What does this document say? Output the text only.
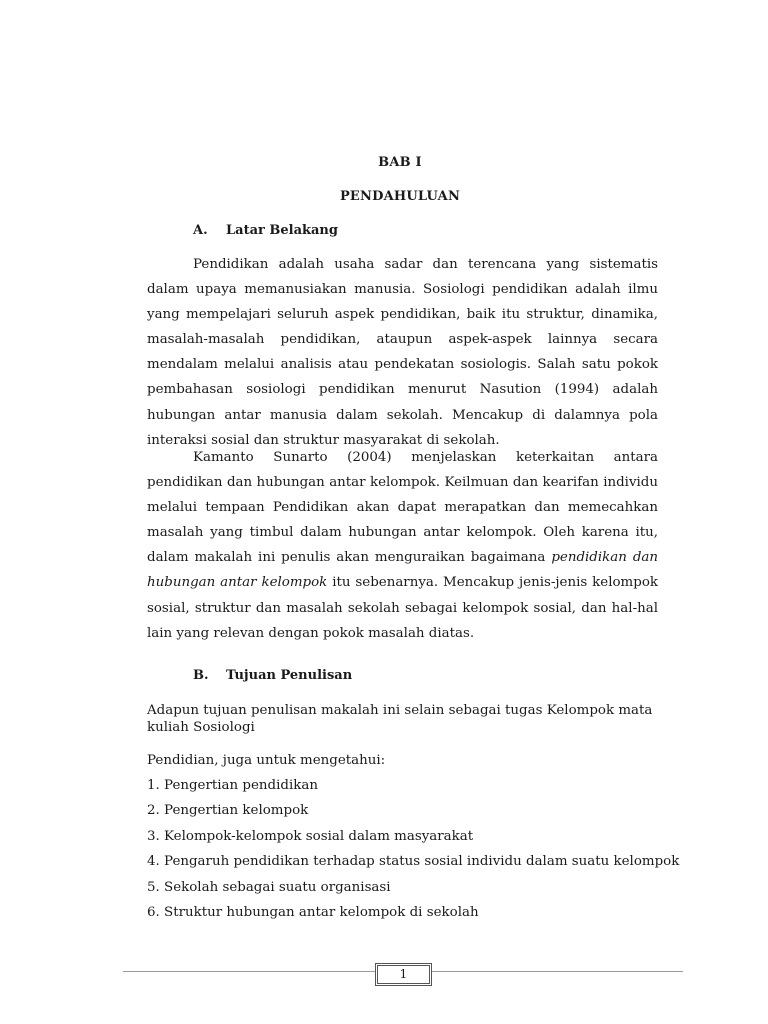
BAB I
PENDAHULUAN
A. Latar Belakang

Pendidikan adalah usaha sadar dan terencana yang sistematis dalam upaya memanusiakan manusia. Sosiologi pendidikan adalah ilmu yang mempelajari seluruh aspek pendidikan, baik itu struktur, dinamika, masalah-masalah pendidikan, ataupun aspek-aspek lainnya secara mendalam melalui analisis atau pendekatan sosiologis. Salah satu pokok pembahasan sosiologi pendidikan menurut Nasution (1994) adalah hubungan antar manusia dalam sekolah. Mencakup di dalamnya pola interaksi sosial dan struktur masyarakat di sekolah.

Kamanto Sunarto (2004) menjelaskan keterkaitan antara pendidikan dan hubungan antar kelompok. Keilmuan dan kearifan individu melalui tempaan Pendidikan akan dapat merapatkan dan memecahkan masalah yang timbul dalam hubungan antar kelompok. Oleh karena itu, dalam makalah ini penulis akan menguraikan bagaimana pendidikan dan hubungan antar kelompok itu sebenarnya. Mencakup jenis-jenis kelompok sosial, struktur dan masalah sekolah sebagai kelompok sosial, dan hal-hal lain yang relevan dengan pokok masalah diatas.

B. Tujuan Penulisan

Adapun tujuan penulisan makalah ini selain sebagai tugas Kelompok mata kuliah Sosiologi

Pendidian, juga untuk mengetahui:

1. Pengertian pendidikan
2. Pengertian kelompok
3. Kelompok-kelompok sosial dalam masyarakat
4. Pengaruh pendidikan terhadap status sosial individu dalam suatu kelompok
5. Sekolah sebagai suatu organisasi
6. Struktur hubungan antar kelompok di sekolah
1
